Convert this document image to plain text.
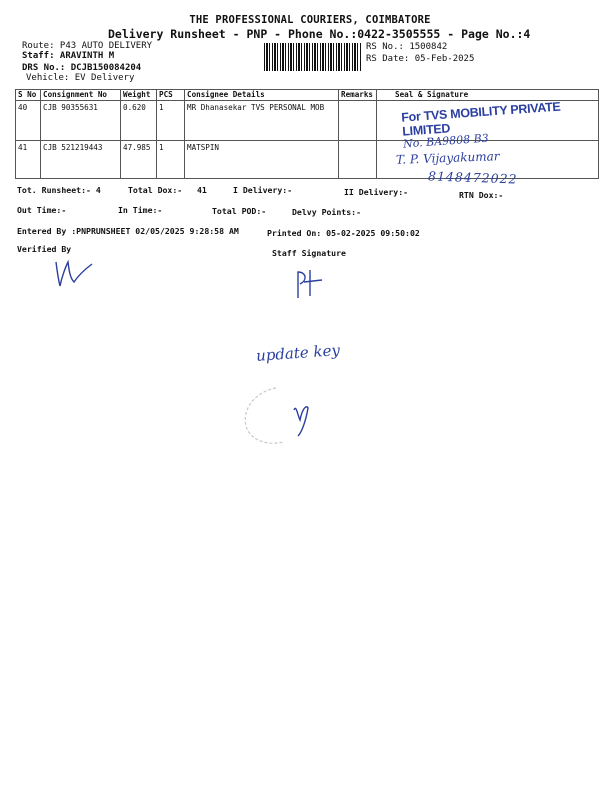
THE PROFESSIONAL COURIERS, COIMBATORE
Delivery Runsheet - PNP - Phone No.:0422-3505555 - Page No.:4
Route: P43 AUTO DELIVERY
Staff: ARAVINTH M
DRS No.: DCJB150084204
Vehicle: EV Delivery
RS No.: 1500842
RS Date: 05-Feb-2025
S No	Consignment No	Weight	PCS	Consignee Details	Remarks	Seal & Signature
40	CJB 90355631	0.620	1	MR Dhanasekar TVS PERSONAL MOB		
41	CJB 521219443	47.985	1	MATSPIN		
For TVS MOBILITY PRIVATE LIMITED
No. BA9808 B3
T. P. Vijayakumar
8148472022
Tot. Runsheet:- 4	Total Dox:- 41	I Delivery:-	II Delivery:-	RTN Dox:-
Out Time:-	In Time:-	Total POD:-	Delvy Points:-
Entered By :PNPRUNSHEET 02/05/2025 9:28:58 AM	Printed On: 05-02-2025 09:50:02
Verified By	Staff Signature
update key
